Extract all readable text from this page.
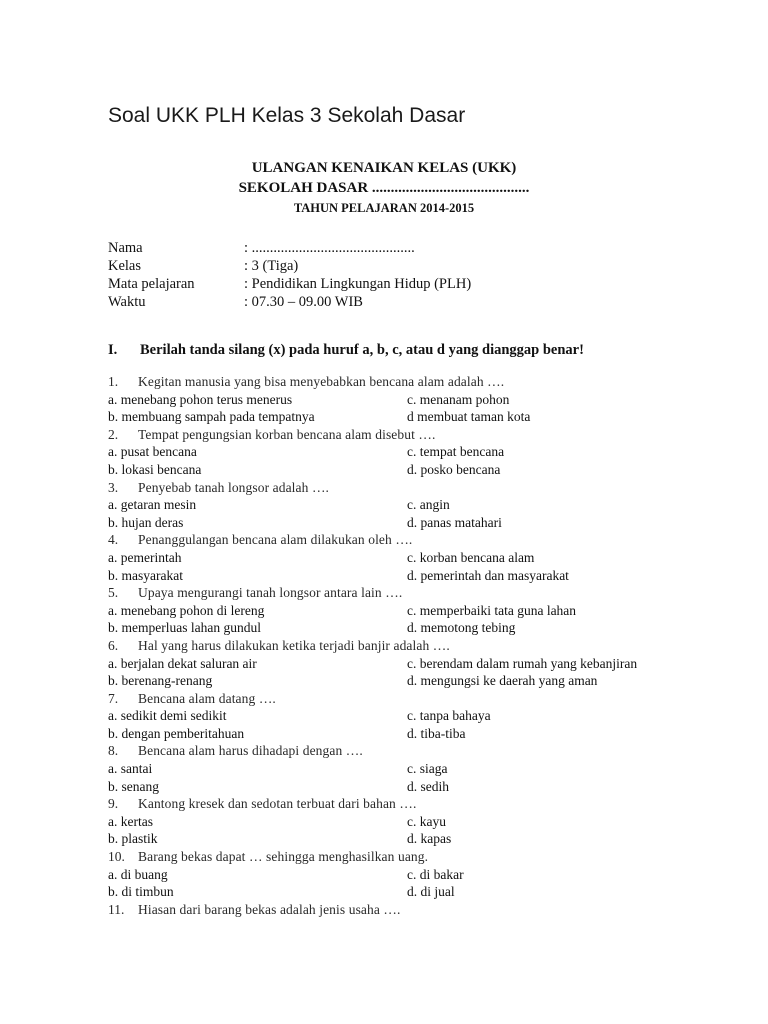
Soal UKK PLH Kelas 3 Sekolah Dasar
ULANGAN KENAIKAN KELAS (UKK)
SEKOLAH DASAR ..........................................
TAHUN PELAJARAN 2014-2015
Nama	: .............................................
Kelas	: 3 (Tiga)
Mata pelajaran	: Pendidikan Lingkungan Hidup (PLH)
Waktu	: 07.30 – 09.00 WIB
I. Berilah tanda silang (x) pada huruf a, b, c, atau d yang dianggap benar!
1. Kegitan manusia yang bisa menyebabkan bencana alam adalah ….
a. menebang pohon terus menerus	c. menanam pohon
b. membuang sampah pada tempatnya	d membuat taman kota
2. Tempat pengungsian korban bencana alam disebut ….
a. pusat bencana	c. tempat bencana
b. lokasi bencana	d. posko bencana
3. Penyebab tanah longsor adalah ….
a. getaran mesin	c. angin
b. hujan deras	d. panas matahari
4. Penanggulangan bencana alam dilakukan oleh ….
a. pemerintah	c. korban bencana alam
b. masyarakat	d. pemerintah dan masyarakat
5. Upaya mengurangi tanah longsor antara lain ….
a. menebang pohon di lereng	c. memperbaiki tata guna lahan
b. memperluas lahan gundul	d. memotong tebing
6. Hal yang harus dilakukan ketika terjadi banjir adalah ….
a. berjalan dekat saluran air	c. berendam dalam rumah yang kebanjiran
b. berenang-renang	d. mengungsi ke daerah yang aman
7. Bencana alam datang ….
a. sedikit demi sedikit	c. tanpa bahaya
b. dengan pemberitahuan	d. tiba-tiba
8. Bencana alam harus dihadapi dengan ….
a. santai	c. siaga
b. senang	d. sedih
9. Kantong kresek dan sedotan terbuat dari bahan ….
a. kertas	c. kayu
b. plastik	d. kapas
10. Barang bekas dapat … sehingga menghasilkan uang.
a. di buang	c. di bakar
b. di timbun	d. di jual
11. Hiasan dari barang bekas adalah jenis usaha ….
